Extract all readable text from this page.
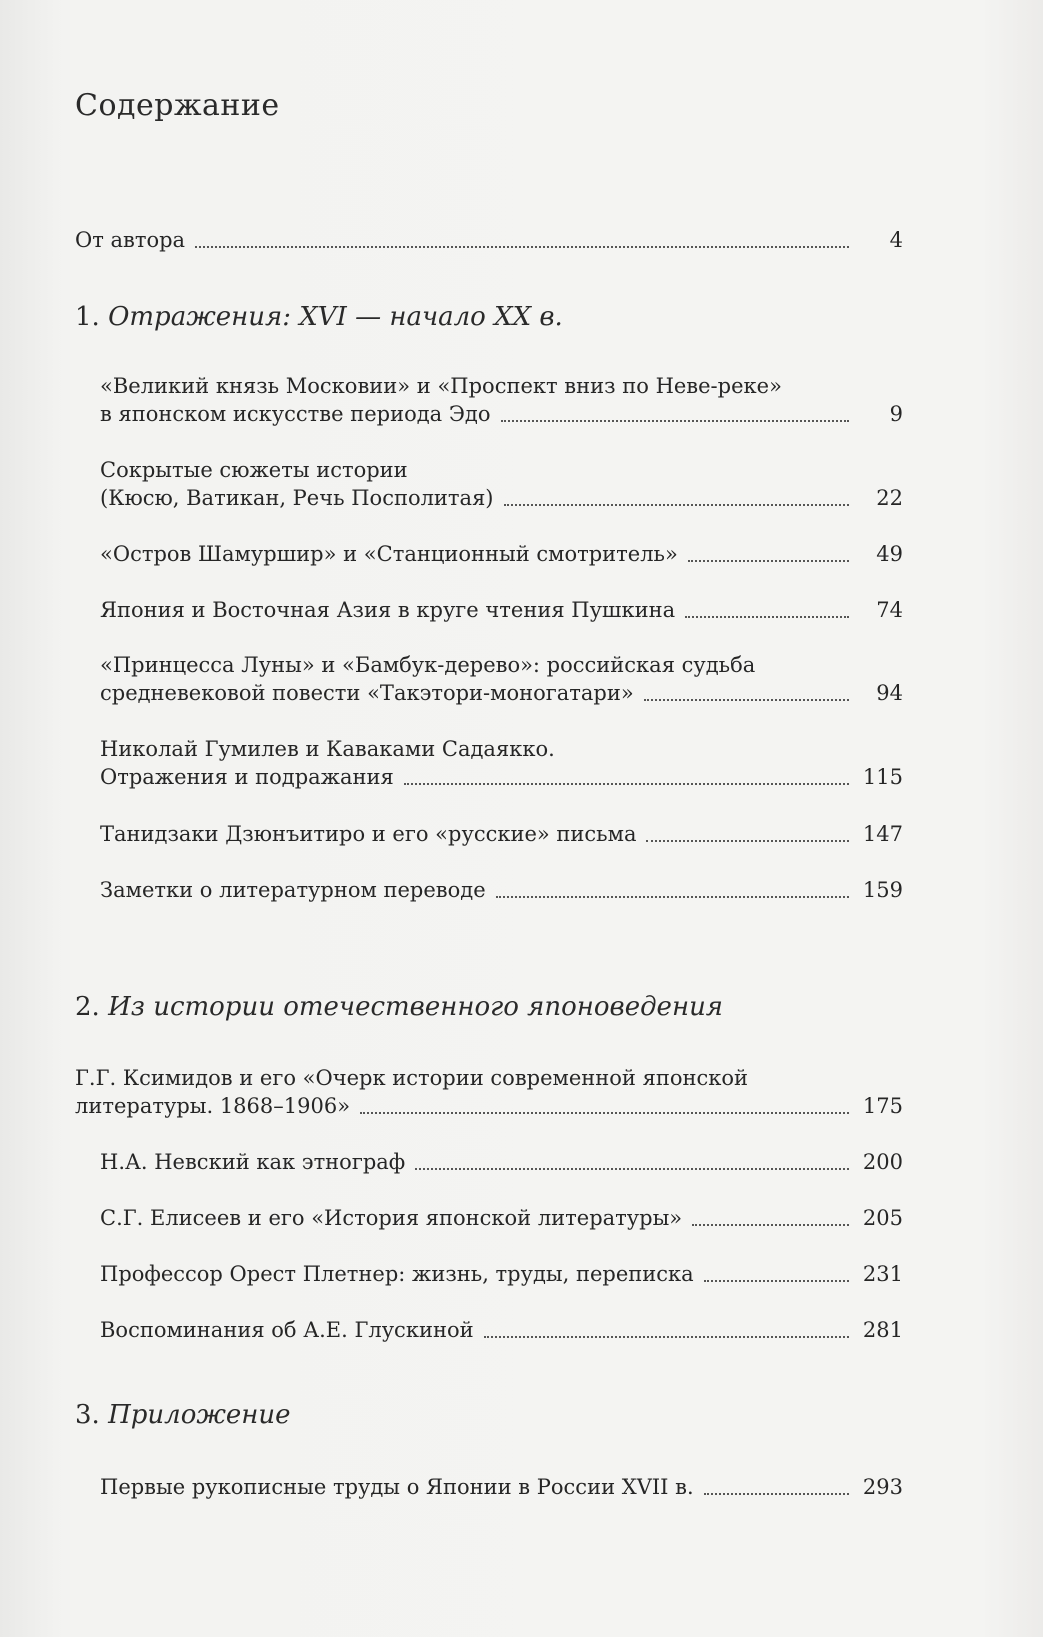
Содержание
От автора	4
1. Отражения: XVI — начало XX в.
«Великий князь Московии» и «Проспект вниз по Неве-реке»
в японском искусстве периода Эдо	9
Сокрытые сюжеты истории
(Кюсю, Ватикан, Речь Посполитая)	22
«Остров Шамуршир» и «Станционный смотритель»	49
Япония и Восточная Азия в круге чтения Пушкина	74
«Принцесса Луны» и «Бамбук-дерево»: российская судьба
средневековой повести «Такэтори-моногатари»	94
Николай Гумилев и Каваками Садаякко.
Отражения и подражания	115
Танидзаки Дзюнъитиро и его «русские» письма	147
Заметки о литературном переводе	159
2. Из истории отечественного японоведения
Г.Г. Ксимидов и его «Очерк истории современной японской
литературы. 1868–1906»	175
Н.А. Невский как этнограф	200
С.Г. Елисеев и его «История японской литературы»	205
Профессор Орест Плетнер: жизнь, труды, переписка	231
Воспоминания об А.Е. Глускиной	281
3. Приложение
Первые рукописные труды о Японии в России XVII в.	293
